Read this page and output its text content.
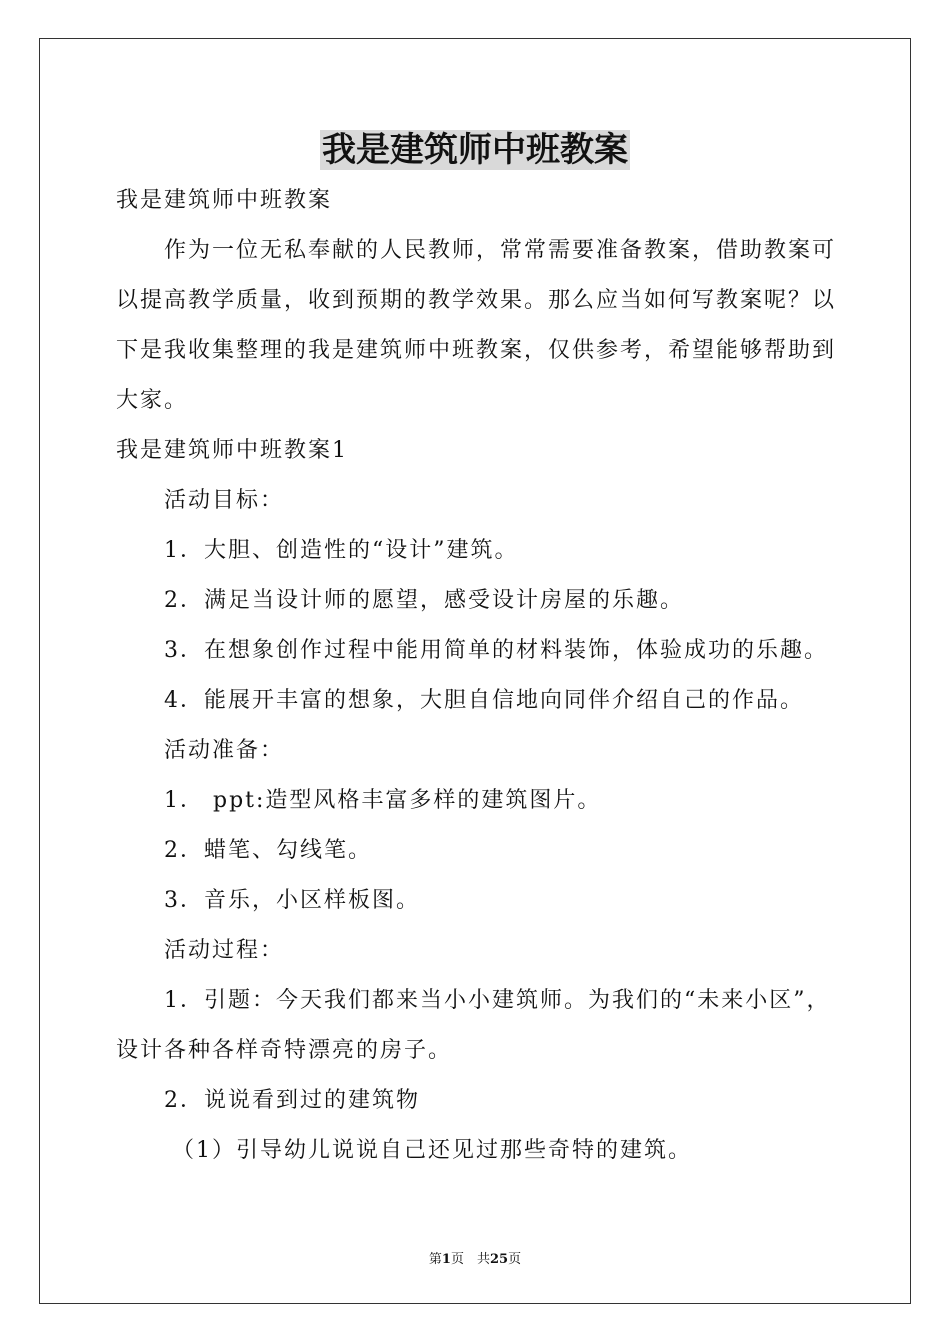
我是建筑师中班教案

我是建筑师中班教案

作为一位无私奉献的人民教师，常常需要准备教案，借助教案可以提高教学质量，收到预期的教学效果。那么应当如何写教案呢？以下是我收集整理的我是建筑师中班教案，仅供参考，希望能够帮助到大家。

我是建筑师中班教案1

活动目标：

1．大胆、创造性的“设计”建筑。

2．满足当设计师的愿望，感受设计房屋的乐趣。

3．在想象创作过程中能用简单的材料装饰，体验成功的乐趣。

4．能展开丰富的想象，大胆自信地向同伴介绍自己的作品。

活动准备：

1． ppt:造型风格丰富多样的建筑图片。

2．蜡笔、勾线笔。

3．音乐，小区样板图。

活动过程：

1．引题：今天我们都来当小小建筑师。为我们的“未来小区”，设计各种各样奇特漂亮的房子。

2．说说看到过的建筑物

（1）引导幼儿说说自己还见过那些奇特的建筑。

第1页　共25页
